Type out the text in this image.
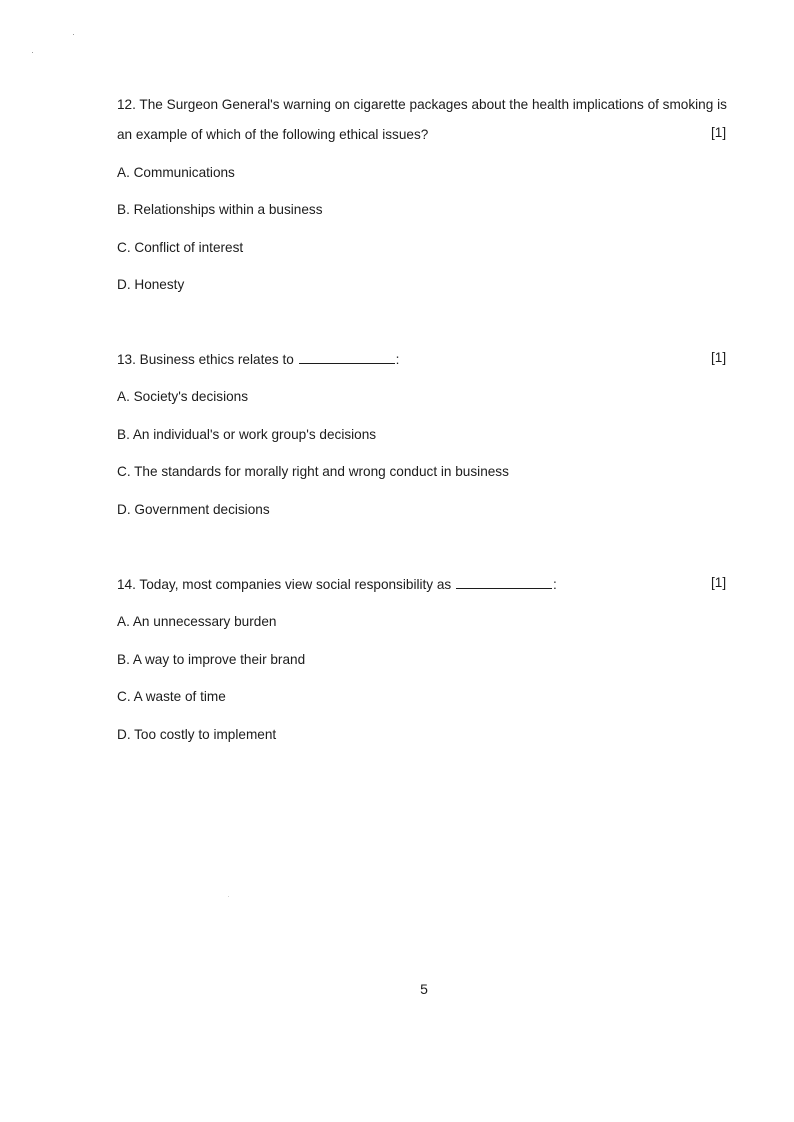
12. The Surgeon General's warning on cigarette packages about the health implications of smoking is
an example of which of the following ethical issues?	[1]
A. Communications
B. Relationships within a business
C. Conflict of interest
D. Honesty
13. Business ethics relates to	:	[1]
A. Society's decisions
B. An individual's or work group's decisions
C. The standards for morally right and wrong conduct in business
D. Government decisions
14. Today, most companies view social responsibility as	:	[1]
A. An unnecessary burden
B. A way to improve their brand
C. A waste of time
D. Too costly to implement
5
